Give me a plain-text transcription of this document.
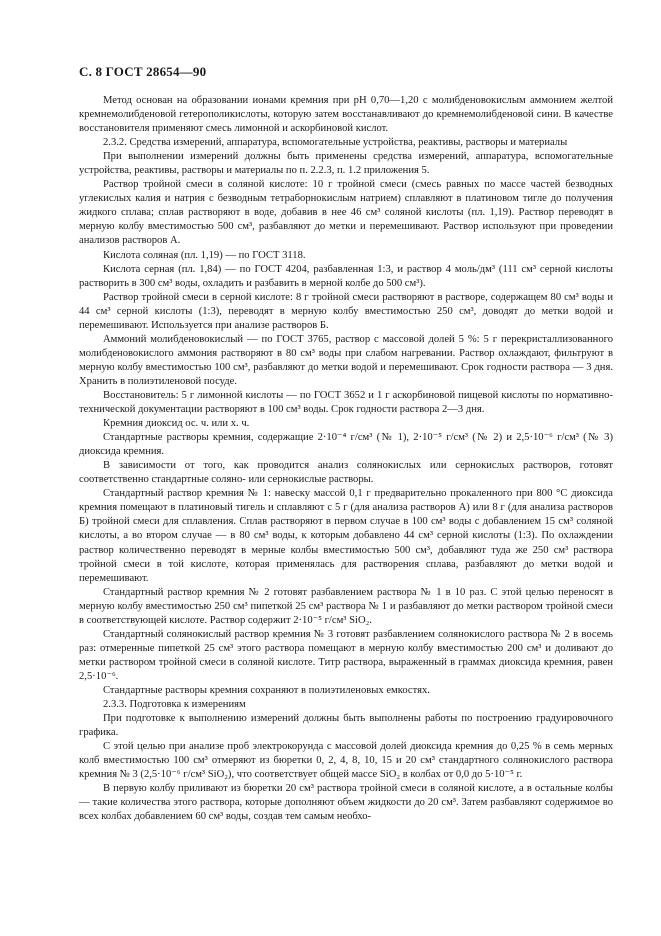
С. 8 ГОСТ 28654—90

Метод основан на образовании ионами кремния при рН 0,70—1,20 с молибденовокислым аммонием желтой кремнемолибденовой гетерополикислоты, которую затем восстанавливают до кремнемолибденовой сини. В качестве восстановителя применяют смесь лимонной и аскорбиновой кислот.

2.3.2. Средства измерений, аппаратура, вспомогательные устройства, реактивы, растворы и материалы

При выполнении измерений должны быть применены средства измерений, аппаратура, вспомогательные устройства, реактивы, растворы и материалы по п. 2.2.3, п. 1.2 приложения 5.

Раствор тройной смеси в соляной кислоте: 10 г тройной смеси (смесь равных по массе частей безводных углекислых калия и натрия с безводным тетраборнокислым натрием) сплавляют в платиновом тигле до получения жидкого сплава; сплав растворяют в воде, добавив в нее 46 см³ соляной кислоты (пл. 1,19). Раствор переводят в мерную колбу вместимостью 500 см³, разбавляют до метки и перемешивают. Раствор используют при проведении анализов растворов А.

Кислота соляная (пл. 1,19) — по ГОСТ 3118.

Кислота серная (пл. 1,84) — по ГОСТ 4204, разбавленная 1:3, и раствор 4 моль/дм³ (111 см³ серной кислоты растворить в 300 см³ воды, охладить и разбавить в мерной колбе до 500 см³).

Раствор тройной смеси в серной кислоте: 8 г тройной смеси растворяют в растворе, содержащем 80 см³ воды и 44 см³ серной кислоты (1:3), переводят в мерную колбу вместимостью 250 см³, доводят до метки водой и перемешивают. Используется при анализе растворов Б.

Аммоний молибденовокислый — по ГОСТ 3765, раствор с массовой долей 5 %: 5 г перекристаллизованного молибденовокислого аммония растворяют в 80 см³ воды при слабом нагревании. Раствор охлаждают, фильтруют в мерную колбу вместимостью 100 см³, разбавляют до метки водой и перемешивают. Срок годности раствора — 3 дня. Хранить в полиэтиленовой посуде.

Восстановитель: 5 г лимонной кислоты — по ГОСТ 3652 и 1 г аскорбиновой пищевой кислоты по нормативно-технической документации растворяют в 100 см³ воды. Срок годности раствора 2—3 дня.

Кремния диоксид ос. ч. или х. ч.

Стандартные растворы кремния, содержащие 2·10⁻⁴ г/см³ (№ 1), 2·10⁻⁵ г/см³ (№ 2) и 2,5·10⁻⁶ г/см³ (№ 3) диоксида кремния.

В зависимости от того, как проводится анализ солянокислых или сернокислых растворов, готовят соответственно стандартные солянo- или сернокислые растворы.

Стандартный раствор кремния № 1: навеску массой 0,1 г предварительно прокаленного при 800 °С диоксида кремния помещают в платиновый тигель и сплавляют с 5 г (для анализа растворов А) или 8 г (для анализа растворов Б) тройной смеси для сплавления. Сплав растворяют в первом случае в 100 см³ воды с добавлением 15 см³ соляной кислоты, а во втором случае — в 80 см³ воды, к которым добавлено 44 см³ серной кислоты (1:3). По охлаждении раствор количественно переводят в мерные колбы вместимостью 500 см³, добавляют туда же 250 см³ раствора тройной смеси в той кислоте, которая применялась для растворения сплава, разбавляют до метки водой и перемешивают.

Стандартный раствор кремния № 2 готовят разбавлением раствора № 1 в 10 раз. С этой целью переносят в мерную колбу вместимостью 250 см³ пипеткой 25 см³ раствора № 1 и разбавляют до метки раствором тройной смеси в соответствующей кислоте. Раствор содержит 2·10⁻⁵ г/см³ SiO₂.

Стандартный солянокислый раствор кремния № 3 готовят разбавлением солянокислого раствора № 2 в восемь раз: отмеренные пипеткой 25 см³ этого раствора помещают в мерную колбу вместимостью 200 см³ и доливают до метки раствором тройной смеси в соляной кислоте. Титр раствора, выраженный в граммах диоксида кремния, равен 2,5·10⁻⁶.

Стандартные растворы кремния сохраняют в полиэтиленовых емкостях.

2.3.3. Подготовка к измерениям

При подготовке к выполнению измерений должны быть выполнены работы по построению градуировочного графика.

С этой целью при анализе проб электрокорунда с массовой долей диоксида кремния до 0,25 % в семь мерных колб вместимостью 100 см³ отмеряют из бюретки 0, 2, 4, 8, 10, 15 и 20 см³ стандартного солянокислого раствора кремния № 3 (2,5·10⁻⁶ г/см³ SiO₂), что соответствует общей массе SiO₂ в колбах от 0,0 до 5·10⁻⁵ г.

В первую колбу приливают из бюретки 20 см³ раствора тройной смеси в соляной кислоте, а в остальные колбы — такие количества этого раствора, которые дополняют объем жидкости до 20 см³. Затем разбавляют содержимое во всех колбах добавлением 60 см³ воды, создав тем самым необхо-
